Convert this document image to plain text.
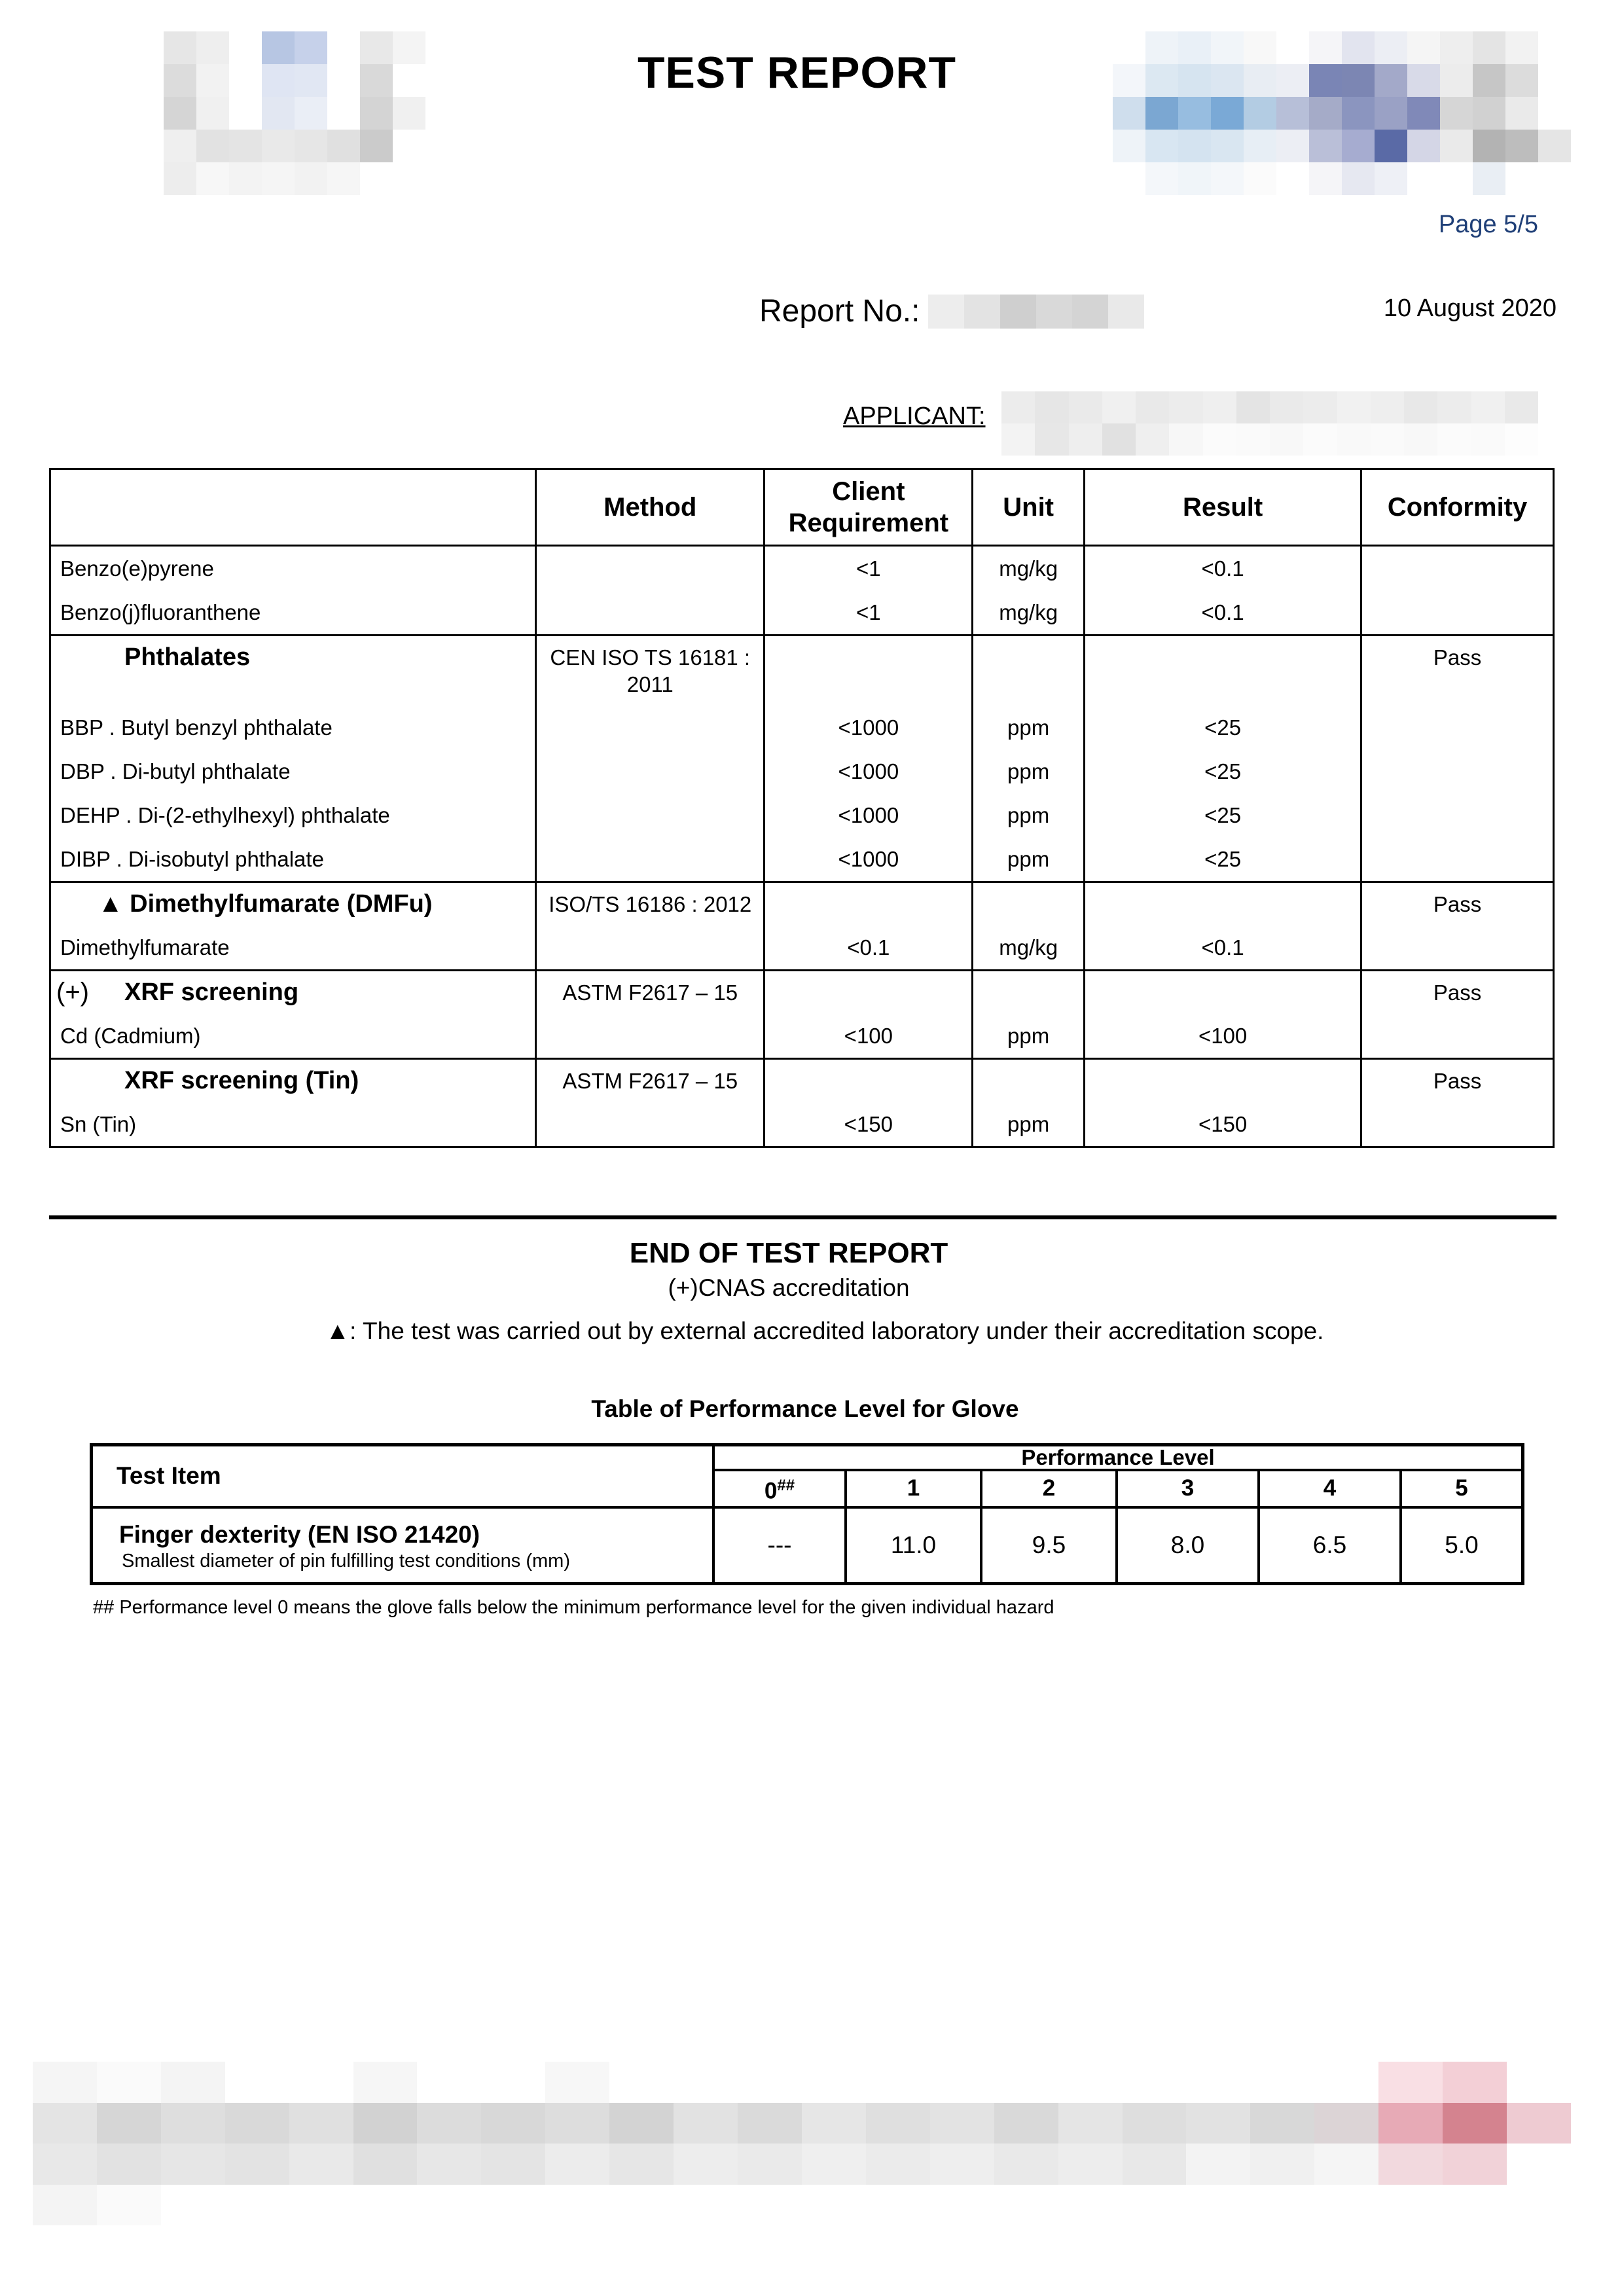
TEST REPORT
Page 5/5
Report No.:	10 August 2020
APPLICANT:
	Method	Client Requirement	Unit	Result	Conformity
Benzo(e)pyrene		<1	mg/kg	<0.1	
Benzo(j)fluoranthene		<1	mg/kg	<0.1	
Phthalates	CEN ISO TS 16181 : 2011				Pass
BBP . Butyl benzyl phthalate		<1000	ppm	<25	
DBP . Di-butyl phthalate		<1000	ppm	<25	
DEHP . Di-(2-ethylhexyl) phthalate		<1000	ppm	<25	
DIBP . Di-isobutyl phthalate		<1000	ppm	<25	
▲ Dimethylfumarate (DMFu)	ISO/TS 16186 : 2012				Pass
Dimethylfumarate		<0.1	mg/kg	<0.1	

(+) XRF screening	ASTM F2617 – 15				Pass
Cd (Cadmium)		<100	ppm	<100	
XRF screening (Tin)	ASTM F2617 – 15				Pass
Sn (Tin)		<150	ppm	<150	
END OF TEST REPORT
(+)CNAS accreditation
▲: The test was carried out by external accredited laboratory under their accreditation scope.
Table of Performance Level for Glove
Test Item	Performance Level					
	0##	1	2	3	4	5

Finger dexterity (EN ISO 21420)
Smallest diameter of pin fulfilling test conditions (mm)	---	11.0	9.5	8.0	6.5	5.0
## Performance level 0 means the glove falls below the minimum performance level for the given individual hazard
